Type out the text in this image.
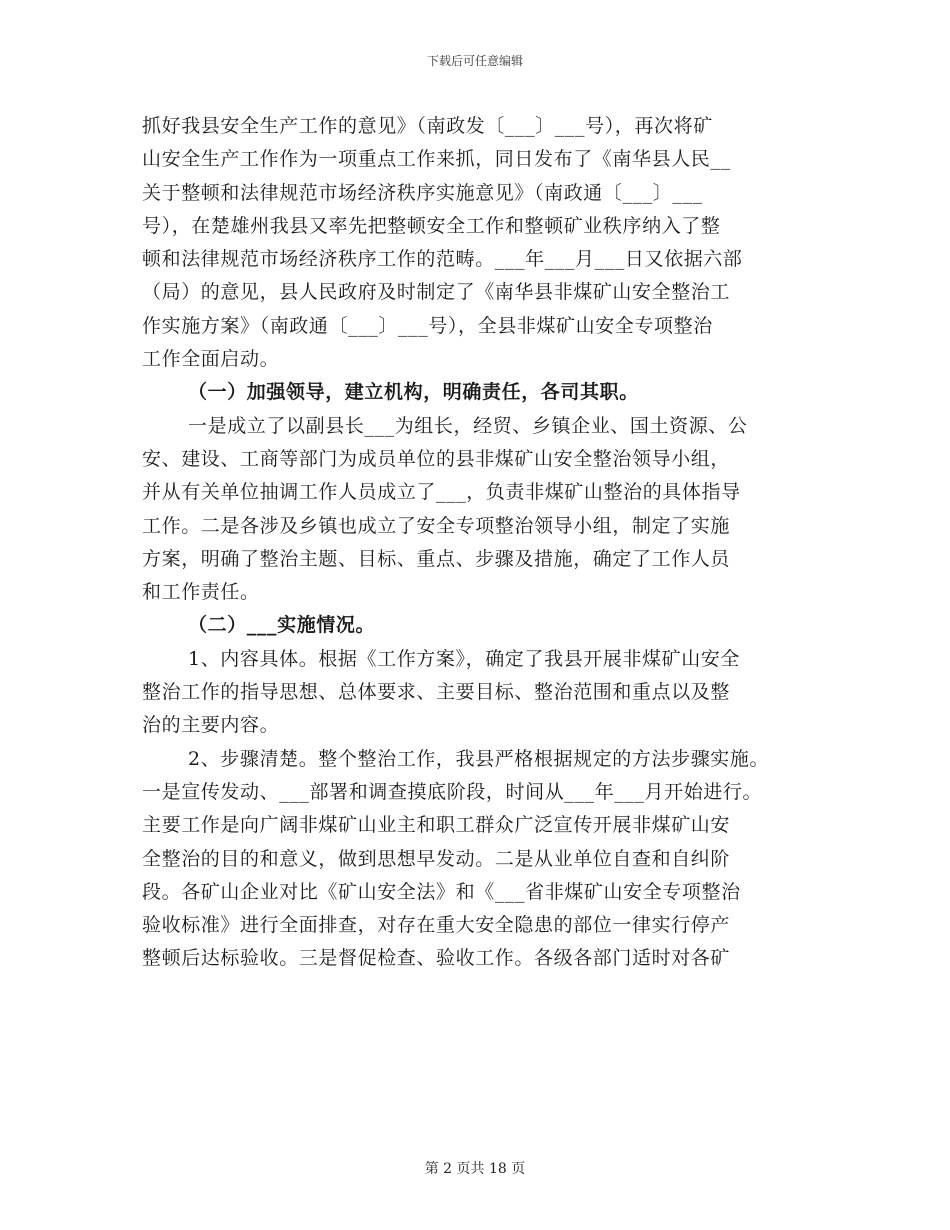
下载后可任意编辑
抓好我县安全生产工作的意见》（南政发〔___〕___号），再次将矿
山安全生产工作作为一项重点工作来抓，同日发布了《南华县人民__
关于整顿和法律规范市场经济秩序实施意见》（南政通〔___〕___
号），在楚雄州我县又率先把整顿安全工作和整顿矿业秩序纳入了整
顿和法律规范市场经济秩序工作的范畴。___年___月___日又依据六部
（局）的意见，县人民政府及时制定了《南华县非煤矿山安全整治工
作实施方案》（南政通〔___〕___号），全县非煤矿山安全专项整治
工作全面启动。
（一）加强领导，建立机构，明确责任，各司其职。
一是成立了以副县长___为组长，经贸、乡镇企业、国土资源、公
安、建设、工商等部门为成员单位的县非煤矿山安全整治领导小组，
并从有关单位抽调工作人员成立了___，负责非煤矿山整治的具体指导
工作。二是各涉及乡镇也成立了安全专项整治领导小组，制定了实施
方案，明确了整治主题、目标、重点、步骤及措施，确定了工作人员
和工作责任。
（二）___实施情况。
1、内容具体。根据《工作方案》，确定了我县开展非煤矿山安全
整治工作的指导思想、总体要求、主要目标、整治范围和重点以及整
治的主要内容。
2、步骤清楚。整个整治工作，我县严格根据规定的方法步骤实施。
一是宣传发动、___部署和调查摸底阶段，时间从___年___月开始进行。
主要工作是向广阔非煤矿山业主和职工群众广泛宣传开展非煤矿山安
全整治的目的和意义，做到思想早发动。二是从业单位自查和自纠阶
段。各矿山企业对比《矿山安全法》和《___省非煤矿山安全专项整治
验收标准》进行全面排查，对存在重大安全隐患的部位一律实行停产
整顿后达标验收。三是督促检查、验收工作。各级各部门适时对各矿
第 2 页共 18 页
